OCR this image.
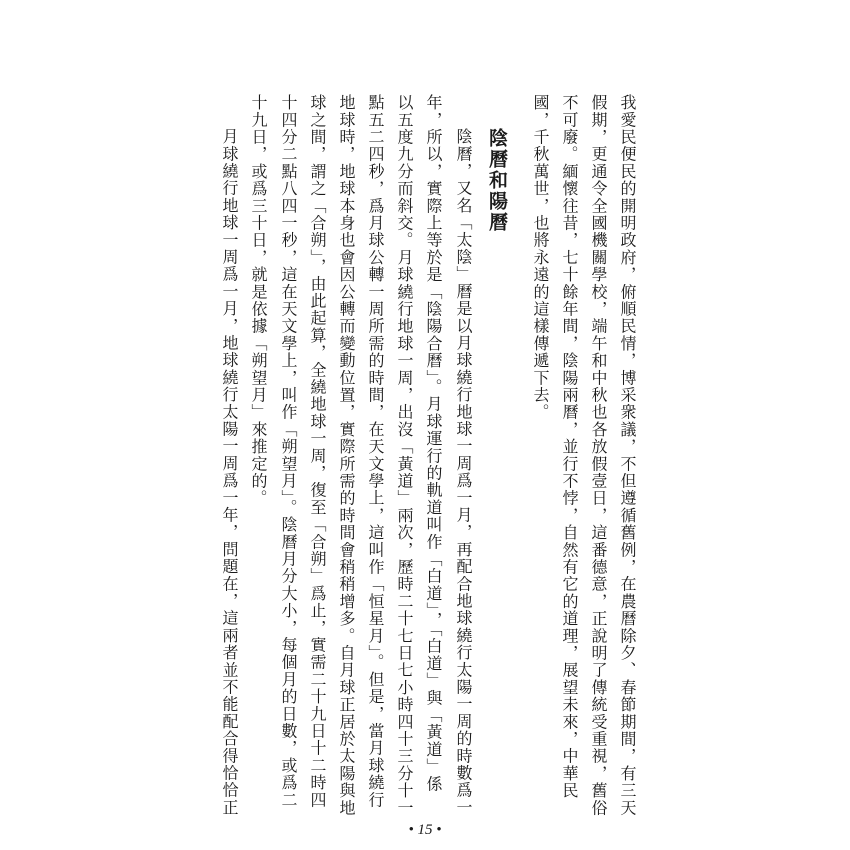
我愛民便民的開明政府，俯順民情，博采衆議，不但遵循舊例，在農曆除夕、春節期間，有三天
假期，更通令全國機關學校，端午和中秋也各放假壹日，這番德意，正說明了傳統受重視，舊俗
不可廢。緬懷往昔，七十餘年間，陰陽兩曆，並行不悖，自然有它的道理，展望未來，中華民
國，千秋萬世，也將永遠的這樣傳遞下去。
陰曆和陽曆
陰曆，又名「太陰」曆是以月球繞行地球一周爲一月，再配合地球繞行太陽一周的時數爲一
年，所以，實際上等於是「陰陽合曆」。月球運行的軌道叫作「白道」，「白道」與「黃道」係
以五度九分而斜交。月球繞行地球一周，出沒「黃道」兩次，歷時二十七日七小時四十三分十一
點五二四秒，爲月球公轉一周所需的時間，在天文學上，這叫作「恒星月」。但是，當月球繞行
地球時，地球本身也會因公轉而變動位置，實際所需的時間會稍稍增多。自月球正居於太陽與地
球之間，謂之「合朔」，由此起算，全繞地球一周，復至「合朔」爲止，實需二十九日十二時四
十四分二點八四一秒，這在天文學上，叫作「朔望月」。陰曆月分大小，每個月的日數，或爲二
十九日，或爲三十日，就是依據「朔望月」來推定的。
月球繞行地球一周爲一月，地球繞行太陽一周爲一年，問題在，這兩者並不能配合得恰恰正
• 15 •
